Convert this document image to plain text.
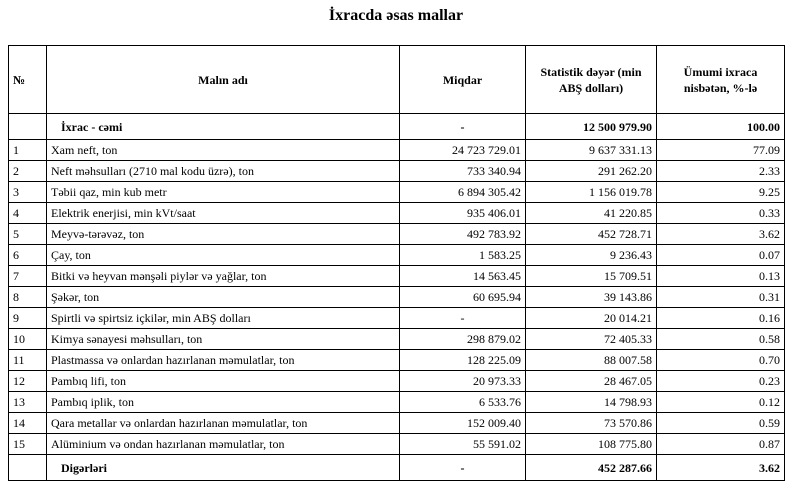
İxracda əsas mallar
№	Malın adı	Miqdar	Statistik dəyər (min ABŞ dolları)	Ümumi ixraca nisbətən, %-lə
	İxrac - cəmi	-	12 500 979.90	100.00
1	Xam neft, ton	24 723 729.01	9 637 331.13	77.09
2	Neft məhsulları (2710 mal kodu üzrə), ton	733 340.94	291 262.20	2.33
3	Təbii qaz, min kub metr	6 894 305.42	1 156 019.78	9.25
4	Elektrik enerjisi, min kVt/saat	935 406.01	41 220.85	0.33
5	Meyvə-tərəvəz, ton	492 783.92	452 728.71	3.62
6	Çay, ton	1 583.25	9 236.43	0.07
7	Bitki və heyvan mənşəli piylər və yağlar, ton	14 563.45	15 709.51	0.13
8	Şəkər, ton	60 695.94	39 143.86	0.31
9	Spirtli və spirtsiz içkilər, min ABŞ dolları	-	20 014.21	0.16
10	Kimya sənayesi məhsulları, ton	298 879.02	72 405.33	0.58
11	Plastmassa və onlardan hazırlanan məmulatlar, ton	128 225.09	88 007.58	0.70
12	Pambıq lifi, ton	20 973.33	28 467.05	0.23
13	Pambıq iplik, ton	6 533.76	14 798.93	0.12
14	Qara metallar və onlardan hazırlanan məmulatlar, ton	152 009.40	73 570.86	0.59
15	Alüminium və ondan hazırlanan məmulatlar, ton	55 591.02	108 775.80	0.87
	Digərləri	-	452 287.66	3.62
